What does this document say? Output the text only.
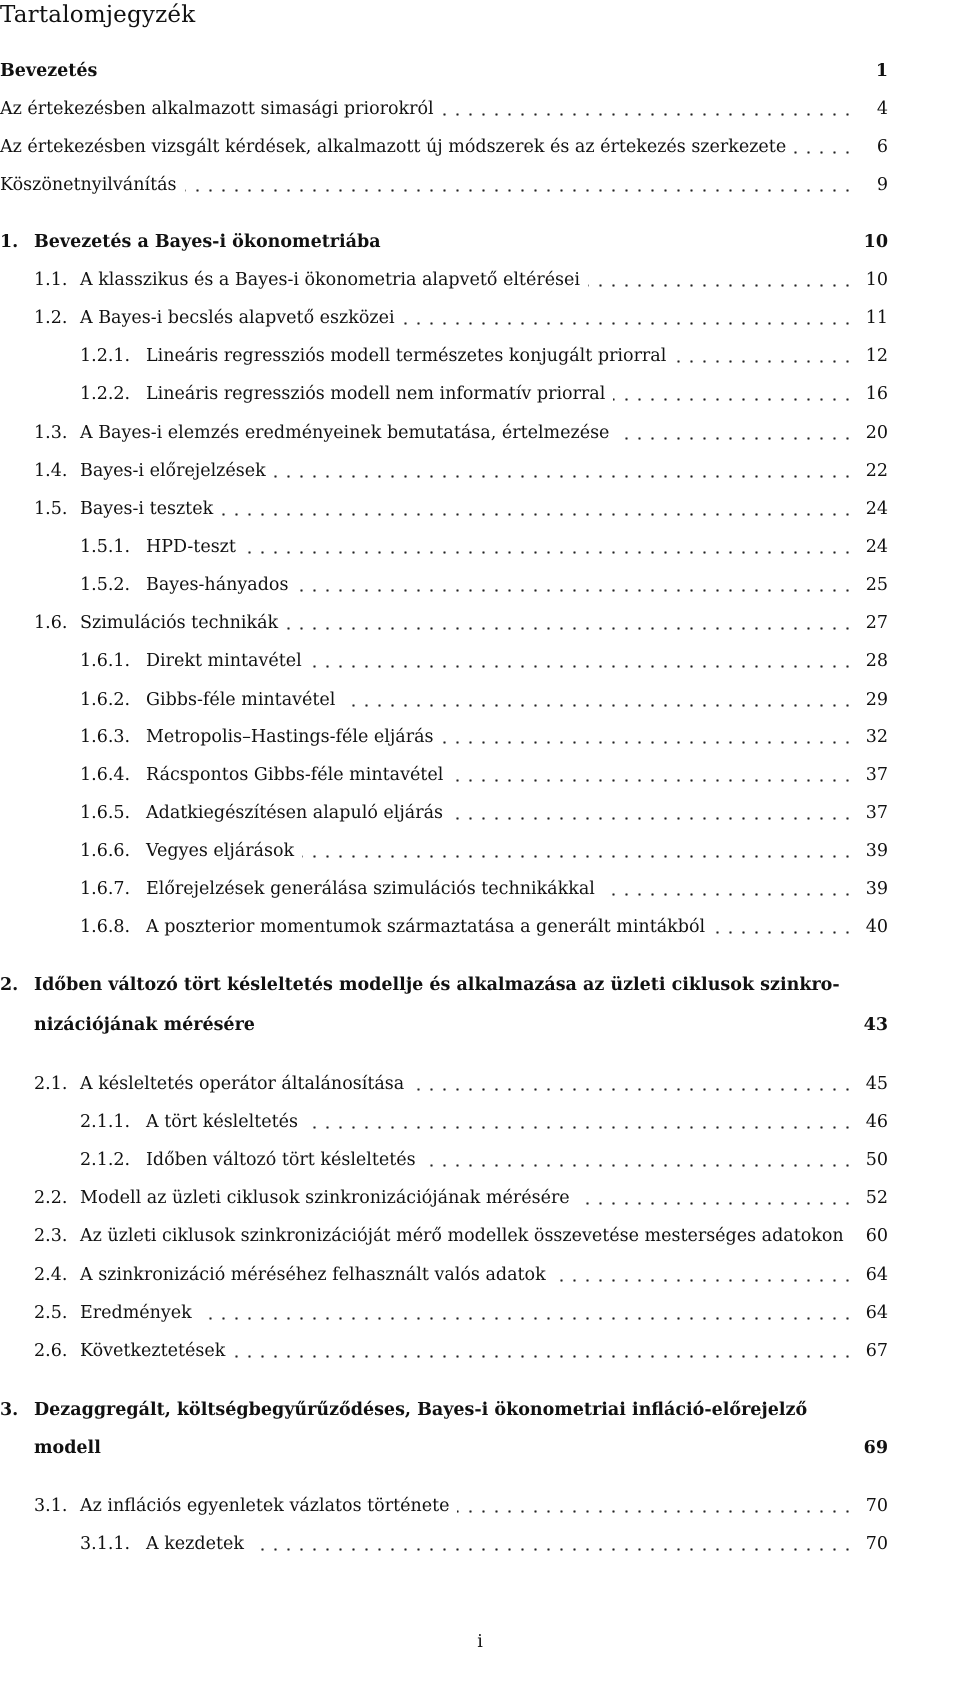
Tartalomjegyzék
Bevezetés	1
Az értekezésben alkalmazott simasági priorokról	4
Az értekezésben vizsgált kérdések, alkalmazott új módszerek és az értekezés szerkezete	6
Köszönetnyilvánítás	9
1. Bevezetés a Bayes-i ökonometriába	10
1.1. A klasszikus és a Bayes-i ökonometria alapvető eltérései	10
1.2. A Bayes-i becslés alapvető eszközei	11
1.2.1. Lineáris regressziós modell természetes konjugált priorral	12
1.2.2. Lineáris regressziós modell nem informatív priorral	16
1.3. A Bayes-i elemzés eredményeinek bemutatása, értelmezése	20
1.4. Bayes-i előrejelzések	22
1.5. Bayes-i tesztek	24
1.5.1. HPD-teszt	24
1.5.2. Bayes-hányados	25
1.6. Szimulációs technikák	27
1.6.1. Direkt mintavétel	28
1.6.2. Gibbs-féle mintavétel	29
1.6.3. Metropolis–Hastings-féle eljárás	32
1.6.4. Rácspontos Gibbs-féle mintavétel	37
1.6.5. Adatkiegészítésen alapuló eljárás	37
1.6.6. Vegyes eljárások	39
1.6.7. Előrejelzések generálása szimulációs technikákkal	39
1.6.8. A poszterior momentumok származtatása a generált mintákból	40
2. Időben változó tört késleltetés modellje és alkalmazása az üzleti ciklusok szinkro-
nizációjának mérésére	43
2.1. A késleltetés operátor általánosítása	45
2.1.1. A tört késleltetés	46
2.1.2. Időben változó tört késleltetés	50
2.2. Modell az üzleti ciklusok szinkronizációjának mérésére	52
2.3. Az üzleti ciklusok szinkronizációját mérő modellek összevetése mesterséges adatokon 60
2.4. A szinkronizáció méréséhez felhasznált valós adatok	64
2.5. Eredmények	64
2.6. Következtetések	67
3. Dezaggregált, költségbegyűrűződéses, Bayes-i ökonometriai infláció-előrejelző
modell	69
3.1. Az inflációs egyenletek vázlatos története	70
3.1.1. A kezdetek	70
i
